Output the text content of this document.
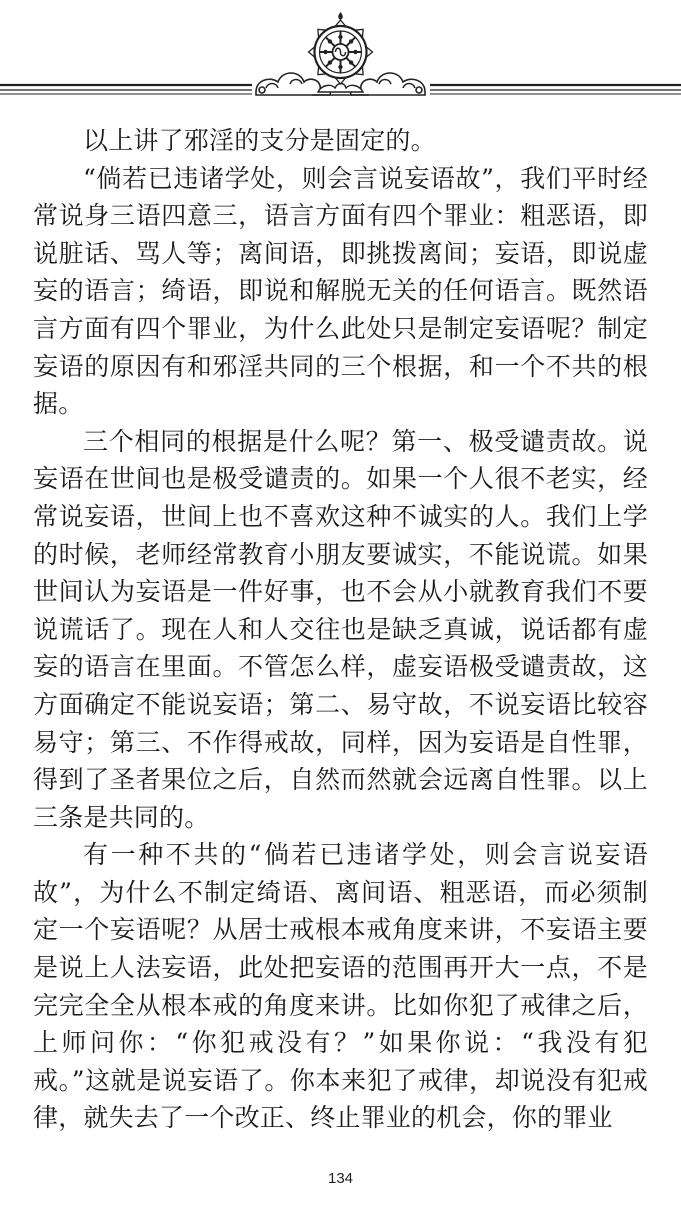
以上讲了邪淫的支分是固定的。

“倘若已违诸学处，则会言说妄语故”，我们平时经常说身三语四意三，语言方面有四个罪业：粗恶语，即说脏话、骂人等；离间语，即挑拨离间；妄语，即说虚妄的语言；绮语，即说和解脱无关的任何语言。既然语言方面有四个罪业，为什么此处只是制定妄语呢？制定妄语的原因有和邪淫共同的三个根据，和一个不共的根据。

三个相同的根据是什么呢？第一、极受谴责故。说妄语在世间也是极受谴责的。如果一个人很不老实，经常说妄语，世间上也不喜欢这种不诚实的人。我们上学的时候，老师经常教育小朋友要诚实，不能说谎。如果世间认为妄语是一件好事，也不会从小就教育我们不要说谎话了。现在人和人交往也是缺乏真诚，说话都有虚妄的语言在里面。不管怎么样，虚妄语极受谴责故，这方面确定不能说妄语；第二、易守故，不说妄语比较容易守；第三、不作得戒故，同样，因为妄语是自性罪，得到了圣者果位之后，自然而然就会远离自性罪。以上三条是共同的。

有一种不共的“倘若已违诸学处，则会言说妄语故”，为什么不制定绮语、离间语、粗恶语，而必须制定一个妄语呢？从居士戒根本戒角度来讲，不妄语主要是说上人法妄语，此处把妄语的范围再开大一点，不是完完全全从根本戒的角度来讲。比如你犯了戒律之后，上师问你：“你犯戒没有？”如果你说：“我没有犯戒。”这就是说妄语了。你本来犯了戒律，却说没有犯戒律，就失去了一个改正、终止罪业的机会，你的罪业

134
